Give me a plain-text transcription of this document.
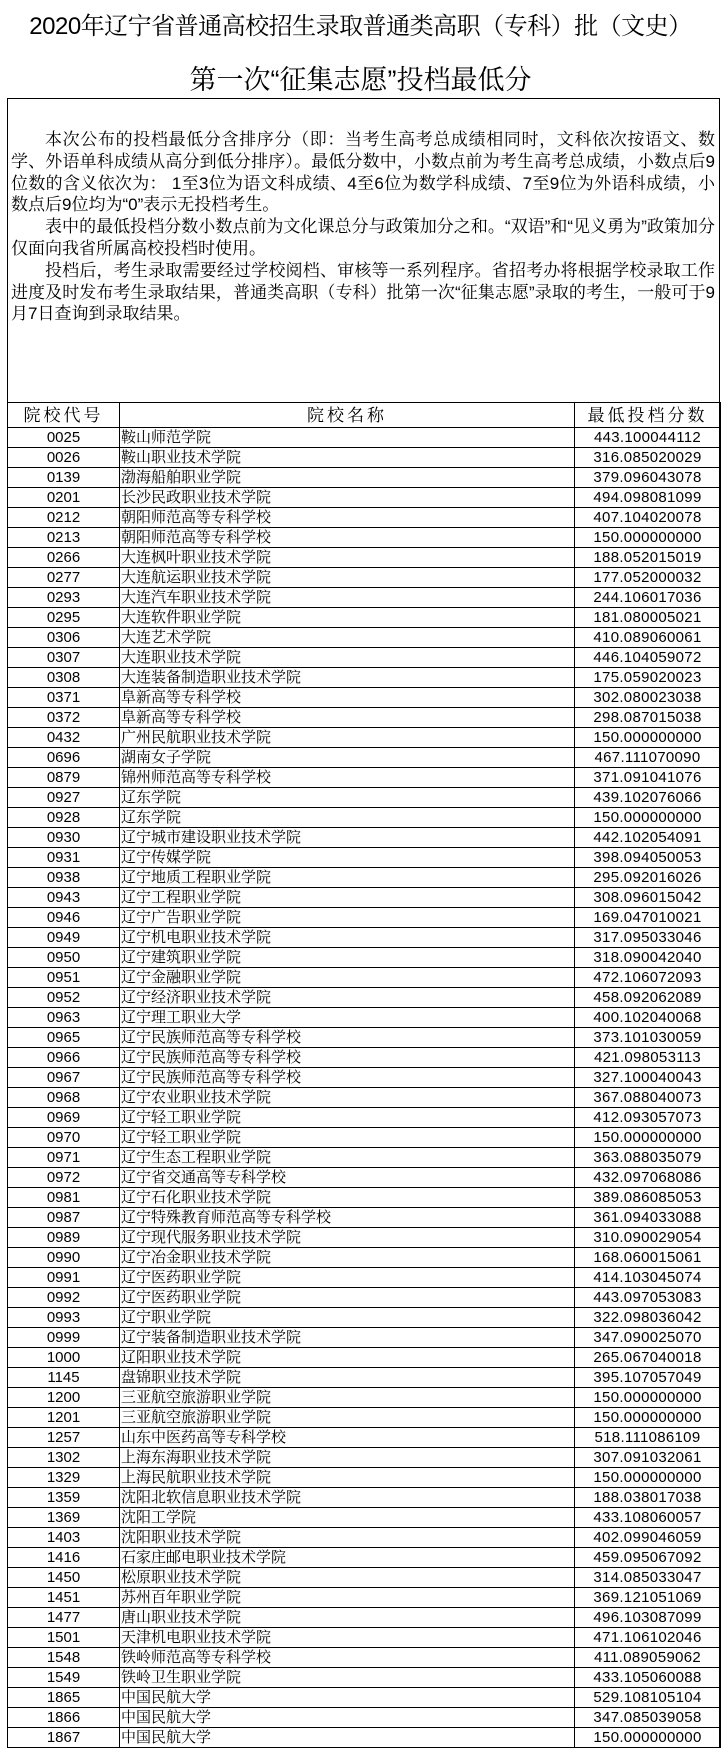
2020年辽宁省普通高校招生录取普通类高职（专科）批（文史）
第一次“征集志愿”投档最低分

本次公布的投档最低分含排序分（即：当考生高考总成绩相同时，文科依次按语文、数学、外语单科成绩从高分到低分排序）。最低分数中，小数点前为考生高考总成绩，小数点后9位数的含义依次为： 1至3位为语文科成绩、4至6位为数学科成绩、7至9位为外语科成绩，小数点后9位均为“0”表示无投档考生。

表中的最低投档分数小数点前为文化课总分与政策加分之和。“双语”和“见义勇为”政策加分仅面向我省所属高校投档时使用。

投档后，考生录取需要经过学校阅档、审核等一系列程序。省招考办将根据学校录取工作进度及时发布考生录取结果，普通类高职（专科）批第一次“征集志愿”录取的考生，一般可于9月7日查询到录取结果。

院校代号	院校名称	最低投档分数
0025	鞍山师范学院	443.100044112
0026	鞍山职业技术学院	316.085020029
0139	渤海船舶职业学院	379.096043078
0201	长沙民政职业技术学院	494.098081099
0212	朝阳师范高等专科学校	407.104020078
0213	朝阳师范高等专科学校	150.000000000
0266	大连枫叶职业技术学院	188.052015019
0277	大连航运职业技术学院	177.052000032
0293	大连汽车职业技术学院	244.106017036
0295	大连软件职业学院	181.080005021
0306	大连艺术学院	410.089060061
0307	大连职业技术学院	446.104059072
0308	大连装备制造职业技术学院	175.059020023
0371	阜新高等专科学校	302.080023038
0372	阜新高等专科学校	298.087015038
0432	广州民航职业技术学院	150.000000000
0696	湖南女子学院	467.111070090
0879	锦州师范高等专科学校	371.091041076
0927	辽东学院	439.102076066
0928	辽东学院	150.000000000
0930	辽宁城市建设职业技术学院	442.102054091
0931	辽宁传媒学院	398.094050053
0938	辽宁地质工程职业学院	295.092016026
0943	辽宁工程职业学院	308.096015042
0946	辽宁广告职业学院	169.047010021
0949	辽宁机电职业技术学院	317.095033046
0950	辽宁建筑职业学院	318.090042040
0951	辽宁金融职业学院	472.106072093
0952	辽宁经济职业技术学院	458.092062089
0963	辽宁理工职业大学	400.102040068
0965	辽宁民族师范高等专科学校	373.101030059
0966	辽宁民族师范高等专科学校	421.098053113
0967	辽宁民族师范高等专科学校	327.100040043
0968	辽宁农业职业技术学院	367.088040073
0969	辽宁轻工职业学院	412.093057073
0970	辽宁轻工职业学院	150.000000000
0971	辽宁生态工程职业学院	363.088035079
0972	辽宁省交通高等专科学校	432.097068086
0981	辽宁石化职业技术学院	389.086085053
0987	辽宁特殊教育师范高等专科学校	361.094033088
0989	辽宁现代服务职业技术学院	310.090029054
0990	辽宁冶金职业技术学院	168.060015061
0991	辽宁医药职业学院	414.103045074
0992	辽宁医药职业学院	443.097053083
0993	辽宁职业学院	322.098036042
0999	辽宁装备制造职业技术学院	347.090025070
1000	辽阳职业技术学院	265.067040018
1145	盘锦职业技术学院	395.107057049
1200	三亚航空旅游职业学院	150.000000000
1201	三亚航空旅游职业学院	150.000000000
1257	山东中医药高等专科学校	518.111086109
1302	上海东海职业技术学院	307.091032061
1329	上海民航职业技术学院	150.000000000
1359	沈阳北软信息职业技术学院	188.038017038
1369	沈阳工学院	433.108060057
1403	沈阳职业技术学院	402.099046059
1416	石家庄邮电职业技术学院	459.095067092
1450	松原职业技术学院	314.085033047
1451	苏州百年职业学院	369.121051069
1477	唐山职业技术学院	496.103087099
1501	天津机电职业技术学院	471.106102046
1548	铁岭师范高等专科学校	411.089059062
1549	铁岭卫生职业学院	433.105060088
1865	中国民航大学	529.108105104
1866	中国民航大学	347.085039058
1867	中国民航大学	150.000000000
